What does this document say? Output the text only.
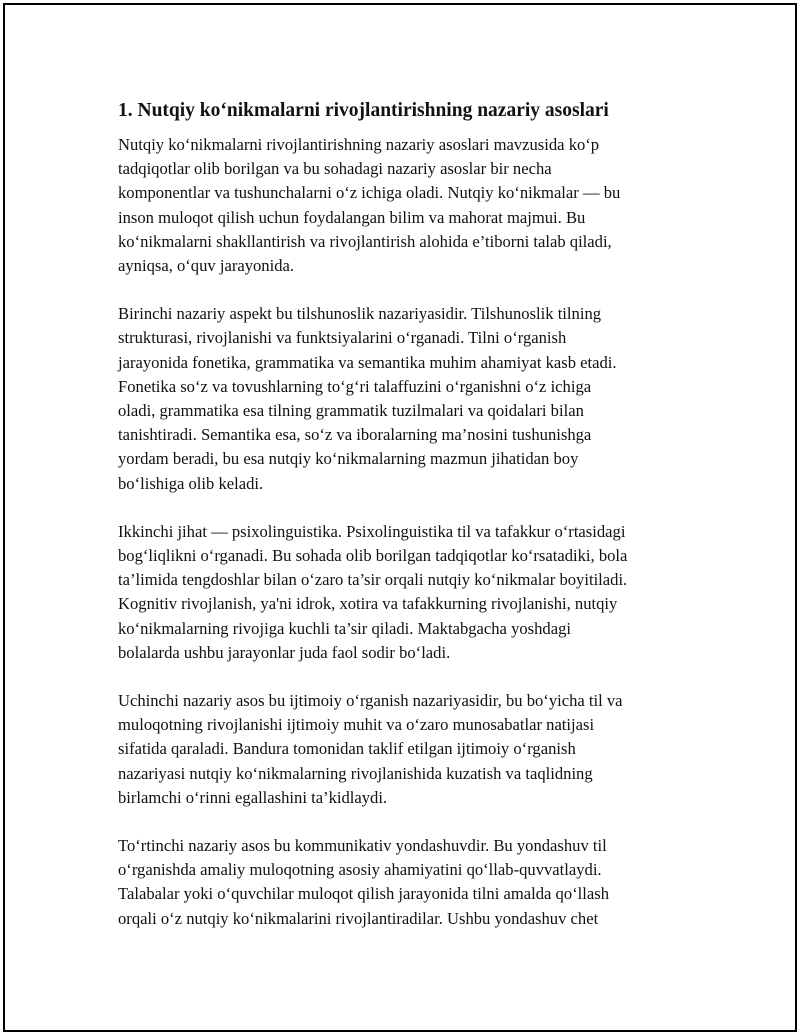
1. Nutqiy ko‘nikmalarni rivojlantirishning nazariy asoslari

Nutqiy ko‘nikmalarni rivojlantirishning nazariy asoslari mavzusida ko‘p
tadqiqotlar olib borilgan va bu sohadagi nazariy asoslar bir necha
komponentlar va tushunchalarni o‘z ichiga oladi. Nutqiy ko‘nikmalar — bu
inson muloqot qilish uchun foydalangan bilim va mahorat majmui. Bu
ko‘nikmalarni shakllantirish va rivojlantirish alohida e’tiborni talab qiladi,
ayniqsa, o‘quv jarayonida.

Birinchi nazariy aspekt bu tilshunoslik nazariyasidir. Tilshunoslik tilning
strukturasi, rivojlanishi va funktsiyalarini o‘rganadi. Tilni o‘rganish
jarayonida fonetika, grammatika va semantika muhim ahamiyat kasb etadi.
Fonetika so‘z va tovushlarning to‘g‘ri talaffuzini o‘rganishni o‘z ichiga
oladi, grammatika esa tilning grammatik tuzilmalari va qoidalari bilan
tanishtiradi. Semantika esa, so‘z va iboralarning ma’nosini tushunishga
yordam beradi, bu esa nutqiy ko‘nikmalarning mazmun jihatidan boy
bo‘lishiga olib keladi.

Ikkinchi jihat — psixolinguistika. Psixolinguistika til va tafakkur o‘rtasidagi
bog‘liqlikni o‘rganadi. Bu sohada olib borilgan tadqiqotlar ko‘rsatadiki, bola
ta’limida tengdoshlar bilan o‘zaro ta’sir orqali nutqiy ko‘nikmalar boyitiladi.
Kognitiv rivojlanish, ya'ni idrok, xotira va tafakkurning rivojlanishi, nutqiy
ko‘nikmalarning rivojiga kuchli ta’sir qiladi. Maktabgacha yoshdagi
bolalarda ushbu jarayonlar juda faol sodir bo‘ladi.

Uchinchi nazariy asos bu ijtimoiy o‘rganish nazariyasidir, bu bo‘yicha til va
muloqotning rivojlanishi ijtimoiy muhit va o‘zaro munosabatlar natijasi
sifatida qaraladi. Bandura tomonidan taklif etilgan ijtimoiy o‘rganish
nazariyasi nutqiy ko‘nikmalarning rivojlanishida kuzatish va taqlidning
birlamchi o‘rinni egallashini ta’kidlaydi.

To‘rtinchi nazariy asos bu kommunikativ yondashuvdir. Bu yondashuv til
o‘rganishda amaliy muloqotning asosiy ahamiyatini qo‘llab-quvvatlaydi.
Talabalar yoki o‘quvchilar muloqot qilish jarayonida tilni amalda qo‘llash
orqali o‘z nutqiy ko‘nikmalarini rivojlantiradilar. Ushbu yondashuv chet
